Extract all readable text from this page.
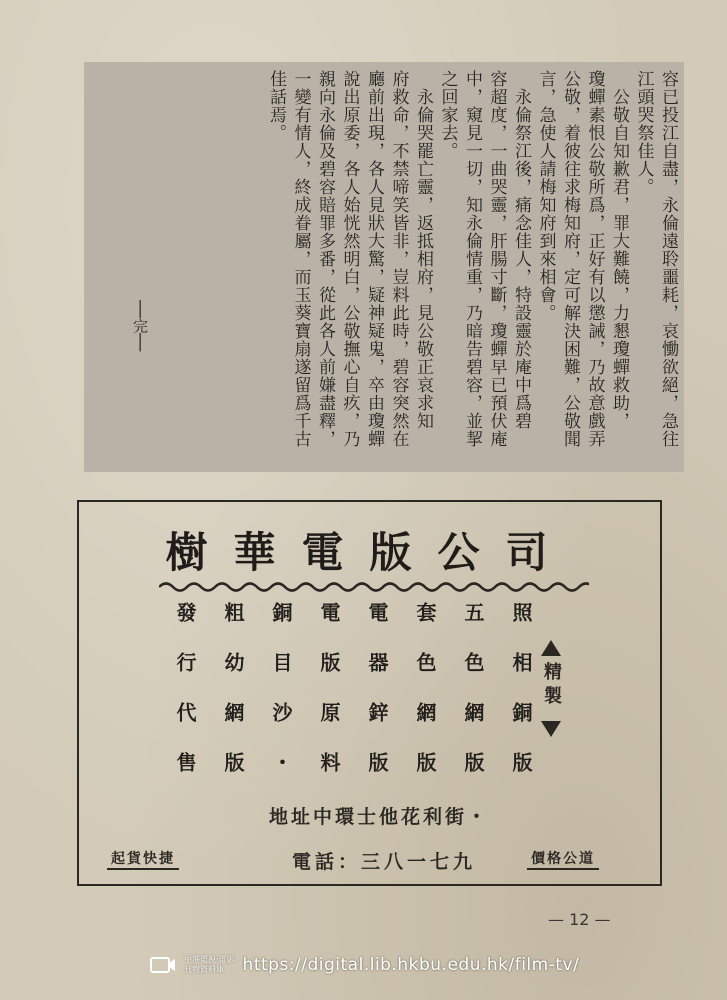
容已投江自盡，永倫遠聆噩耗，哀慟欲絕，急往
江頭哭祭佳人。
　公敬自知歉君，罪大難饒，力懇瓊蟬救助，
瓊蟬素恨公敬所爲，正好有以懲誡，乃故意戲弄
公敬，着彼往求梅知府，定可解決困難，公敬聞
言，急使人請梅知府到來相會。
　永倫祭江後，痛念佳人，特設靈於庵中爲碧
容超度，一曲哭靈，肝腸寸斷，瓊蟬早已預伏庵
中，窺見一切，知永倫情重，乃暗告碧容，並挈
之回家去。
　永倫哭罷亡靈，返抵相府，見公敬正哀求知
府救命，不禁啼笑皆非，豈料此時，碧容突然在
廳前出現，各人見狀大驚，疑神疑鬼，卒由瓊蟬
說出原委，各人始恍然明白，公敬撫心自疚，乃
親向永倫及碧容賠罪多番，從此各人前嫌盡釋，
一變有情人，終成眷屬，而玉葵寶扇遂留爲千古
佳話焉。
──完──
樹華電版公司
照相銅版
五色網版
套色網版
電器鋅版
電版原料
銅目沙・
粗幼網版
發行代售	精製
地址中環士他花利街・
電話：三八一七九
起貨快捷	價格公道
— 12 —
中港電視·電影
刊物資料庫	https://digital.lib.hkbu.edu.hk/film-tv/
